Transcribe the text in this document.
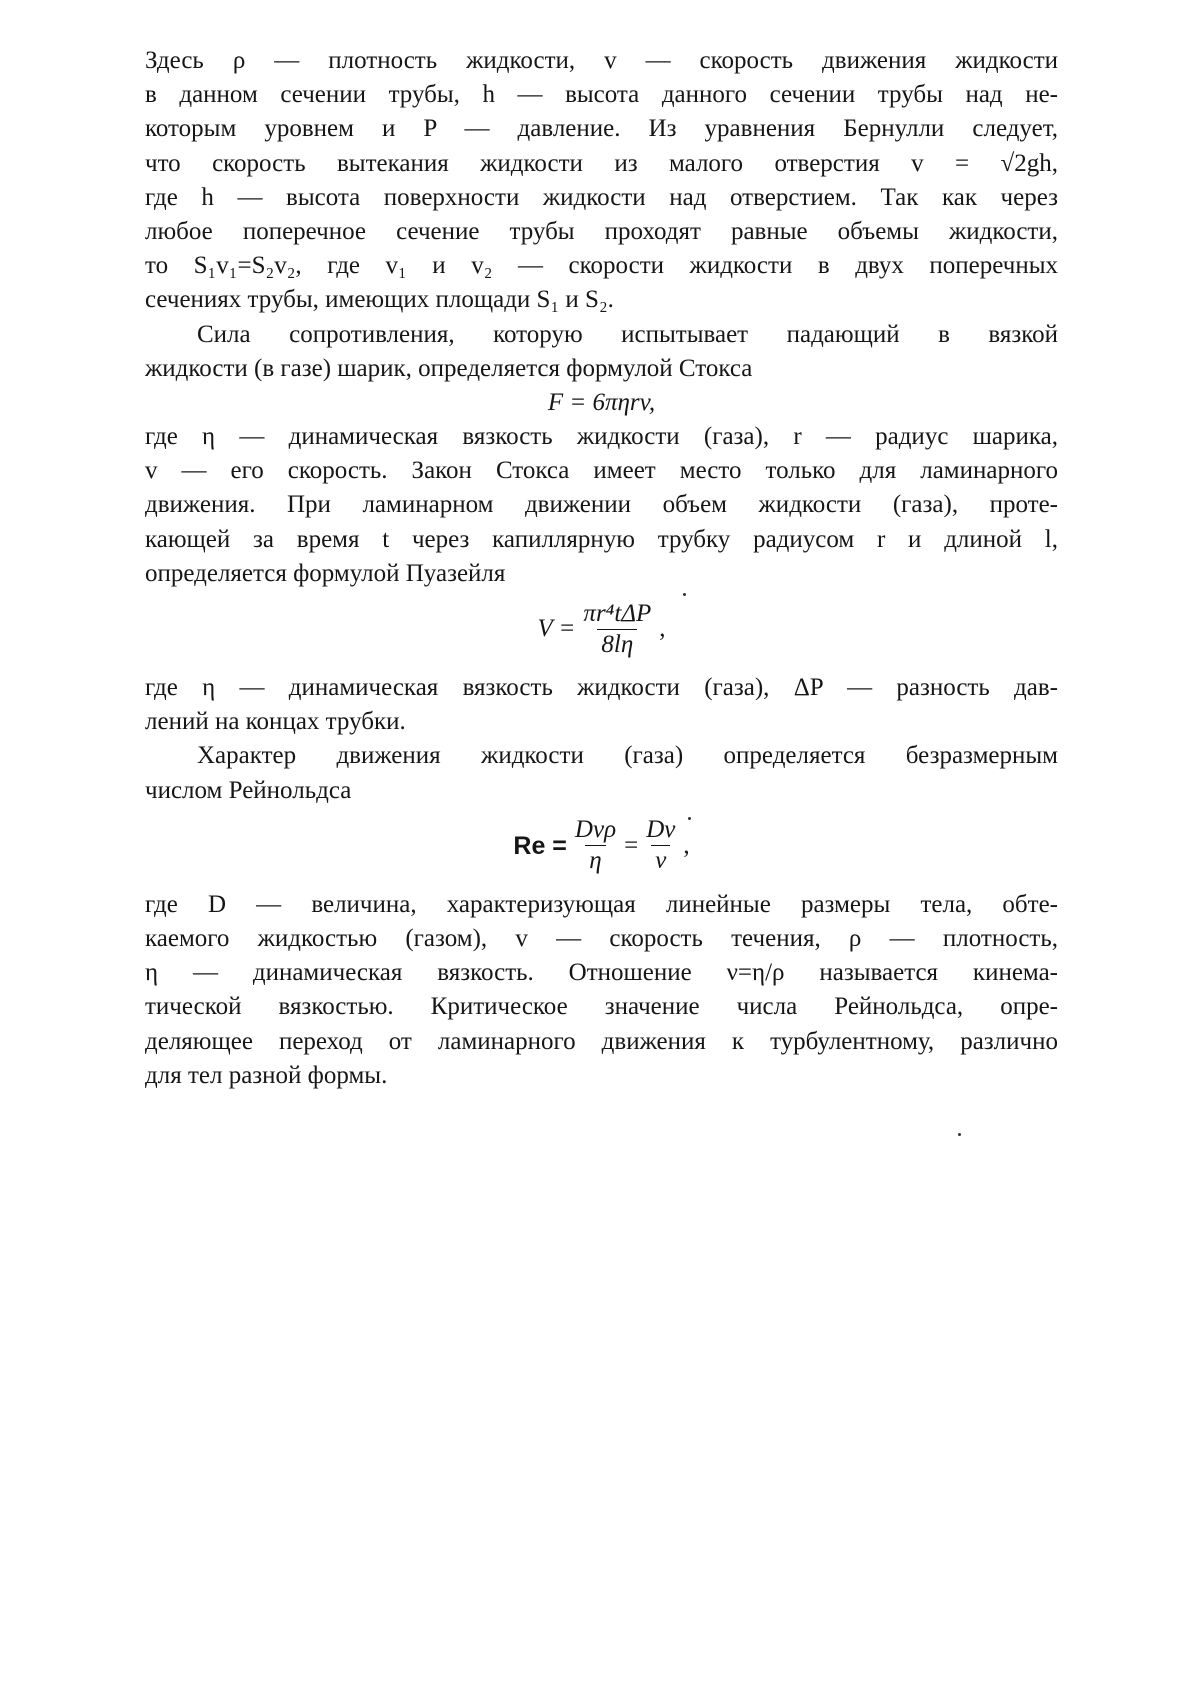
Здесь ρ — плотность жидкости, v — скорость движения жидкости
в данном сечении трубы, h — высота данного сечении трубы над не-
которым уровнем и P — давление. Из уравнения Бернулли следует,
что скорость вытекания жидкости из малого отверстия v = √2gh,
где h — высота поверхности жидкости над отверстием. Так как через
любое поперечное сечение трубы проходят равные объемы жидкости,
то S₁v₁=S₂v₂, где v₁ и v₂ — скорости жидкости в двух поперечных
сечениях трубы, имеющих площади S₁ и S₂.
Сила сопротивления, которую испытывает падающий в вязкой
жидкости (в газе) шарик, определяется формулой Стокса
F = 6πηrv,
где η — динамическая вязкость жидкости (газа), r — радиус шарика,
v — его скорость. Закон Стокса имеет место только для ламинарного
движения. При ламинарном движении объем жидкости (газа), проте-
кающей за время t через капиллярную трубку радиусом r и длиной l,
определяется формулой Пуазейля
$V = \frac{\text{πr⁴tΔP}}{8l\eta}$ ,
где η — динамическая вязкость жидкости (газа), ΔP — разность дав-
лений на концах трубки.
Характер движения жидкости (газа) определяется безразмерным
числом Рейнольдса
$Re = \frac{\text{Dvρ}}{\eta} = \frac{Dv}{\nu}$ ,
где D — величина, характеризующая линейные размеры тела, обте-
каемого жидкостью (газом), v — скорость течения, ρ — плотность,
η — динамическая вязкость. Отношение ν=η/ρ называется кинема-
тической вязкостью. Критическое значение числа Рейнольдса, опре-
деляющее переход от ламинарного движения к турбулентному, различно
для тел разной формы.
